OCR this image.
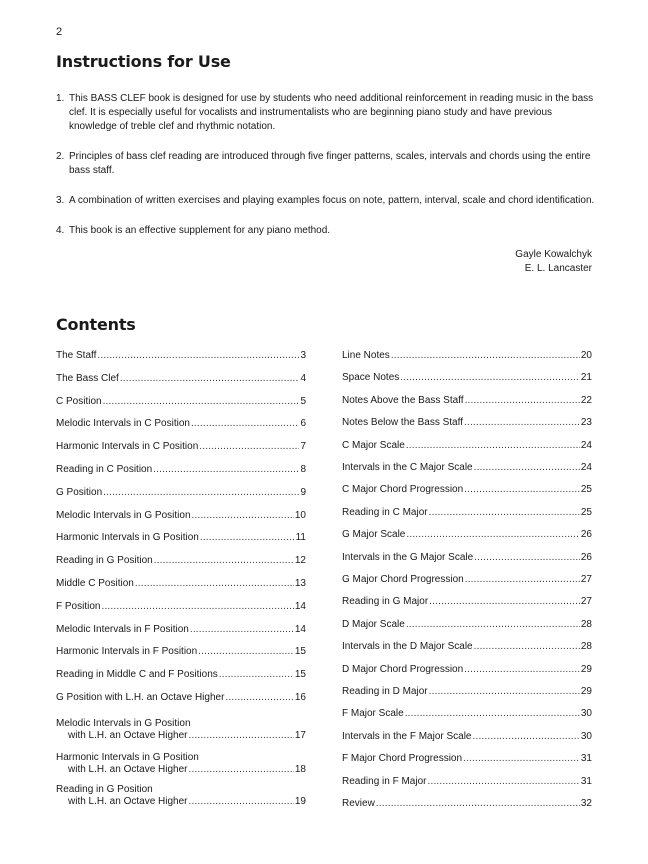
2
Instructions for Use
1. This BASS CLEF book is designed for use by students who need additional reinforcement in reading music in the bass clef. It is especially useful for vocalists and instrumentalists who are beginning piano study and have previous knowledge of treble clef and rhythmic notation.
2. Principles of bass clef reading are introduced through five finger patterns, scales, intervals and chords using the entire bass staff.
3. A combination of written exercises and playing examples focus on note, pattern, interval, scale and chord identification.
4. This book is an effective supplement for any piano method.
Gayle Kowalchyk
E. L. Lancaster
Contents
The Staff .....	3
The Bass Clef .....	4
C Position .....	5
Melodic Intervals in C Position .....	6
Harmonic Intervals in C Position .....	7
Reading in C Position .....	8
G Position .....	9
Melodic Intervals in G Position .....	10
Harmonic Intervals in G Position .....	11
Reading in G Position .....	12
Middle C Position .....	13
F Position .....	14
Melodic Intervals in F Position .....	14
Harmonic Intervals in F Position .....	15
Reading in Middle C and F Positions .....	15
G Position with L.H. an Octave Higher .....	16
Melodic Intervals in G Position
with L.H. an Octave Higher .....	17
Harmonic Intervals in G Position
with L.H. an Octave Higher .....	18
Reading in G Position
with L.H. an Octave Higher .....	19
Line Notes .....	20
Space Notes .....	21
Notes Above the Bass Staff .....	22
Notes Below the Bass Staff .....	23
C Major Scale .....	24
Intervals in the C Major Scale .....	24
C Major Chord Progression .....	25
Reading in C Major .....	25
G Major Scale .....	26
Intervals in the G Major Scale .....	26
G Major Chord Progression .....	27
Reading in G Major .....	27
D Major Scale .....	28
Intervals in the D Major Scale .....	28
D Major Chord Progression .....	29
Reading in D Major .....	29
F Major Scale .....	30
Intervals in the F Major Scale .....	30
F Major Chord Progression .....	31
Reading in F Major .....	31
Review .....	32
